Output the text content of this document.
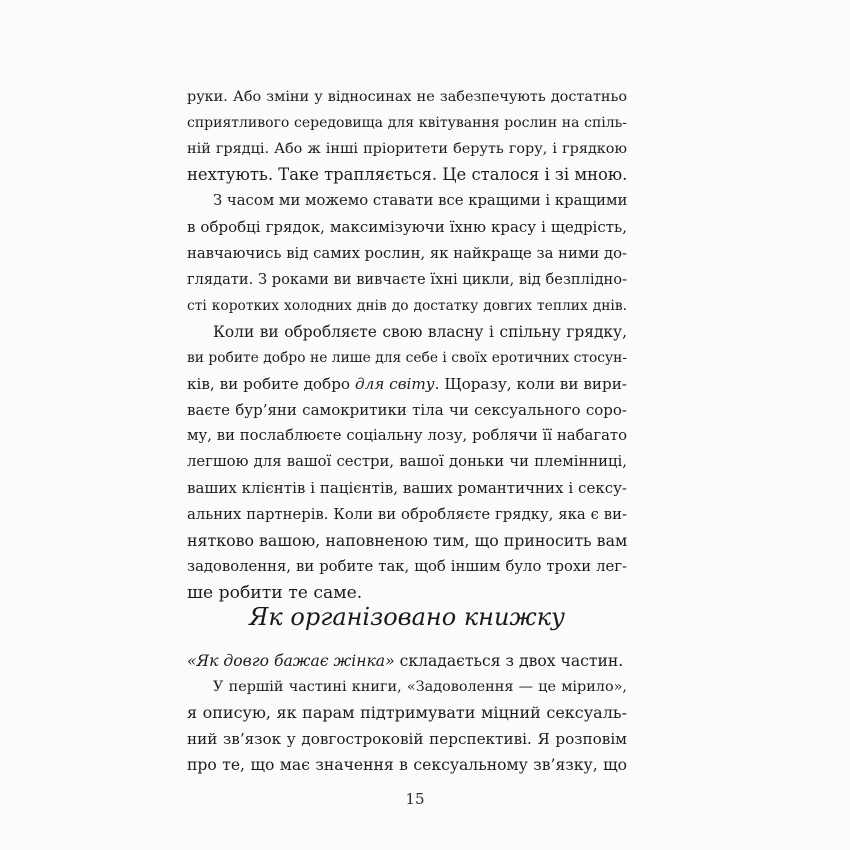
руки. Або зміни у відносинах не забезпечують достатньо
сприятливого середовища для квітування рослин на спіль-
ній грядці. Або ж інші пріоритети беруть гору, і грядкою
нехтують. Таке трапляється. Це сталося і зі мною.
З часом ми можемо ставати все кращими і кращими
в обробці грядок, максимізуючи їхню красу і щедрість,
навчаючись від самих рослин, як найкраще за ними до-
глядати. З роками ви вивчаєте їхні цикли, від безплідно-
сті коротких холодних днів до достатку довгих теплих днів.
Коли ви обробляєте свою власну і спільну грядку,
ви робите добро не лише для себе і своїх еротичних стосун-
ків, ви робите добро для світу. Щоразу, коли ви вири-
ваєте бур’яни самокритики тіла чи сексуального соро-
му, ви послаблюєте соціальну лозу, роблячи її набагато
легшою для вашої сестри, вашої доньки чи племінниці,
ваших клієнтів і пацієнтів, ваших романтичних і сексу-
альних партнерів. Коли ви обробляєте грядку, яка є ви-
нятково вашою, наповненою тим, що приносить вам
задоволення, ви робите так, щоб іншим було трохи лег-
ше робити те саме.
Як організовано книжку
«Як довго бажає жінка» складається з двох частин.
У першій частині книги, «Задоволення — це мірило»,
я описую, як парам підтримувати міцний сексуаль-
ний зв’язок у довгостроковій перспективі. Я розповім
про те, що має значення в сексуальному зв’язку, що
15
